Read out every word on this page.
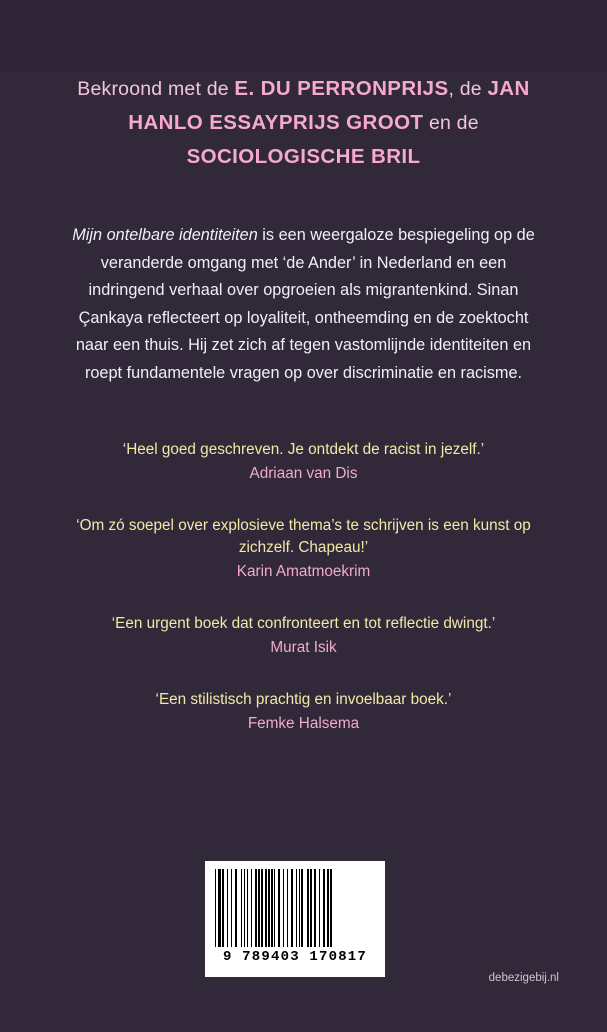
Bekroond met de E. DU PERRONPRIJS, de JAN HANLO ESSAYPRIJS GROOT en de SOCIOLOGISCHE BRIL
Mijn ontelbare identiteiten is een weergaloze bespiegeling op de veranderde omgang met ‘de Ander’ in Nederland en een indringend verhaal over opgroeien als migrantenkind. Sinan Çankaya reflecteert op loyaliteit, ontheemding en de zoektocht naar een thuis. Hij zet zich af tegen vastomlijnde identiteiten en roept fundamentele vragen op over discriminatie en racisme.
‘Heel goed geschreven. Je ontdekt de racist in jezelf.’
Adriaan van Dis
‘Om zó soepel over explosieve thema’s te schrijven is een kunst op zichzelf. Chapeau!’
Karin Amatmoekrim
‘Een urgent boek dat confronteert en tot reflectie dwingt.’
Murat Isik
‘Een stilistisch prachtig en invoelbaar boek.’
Femke Halsema
9 789403 170817
debezigebij.nl
